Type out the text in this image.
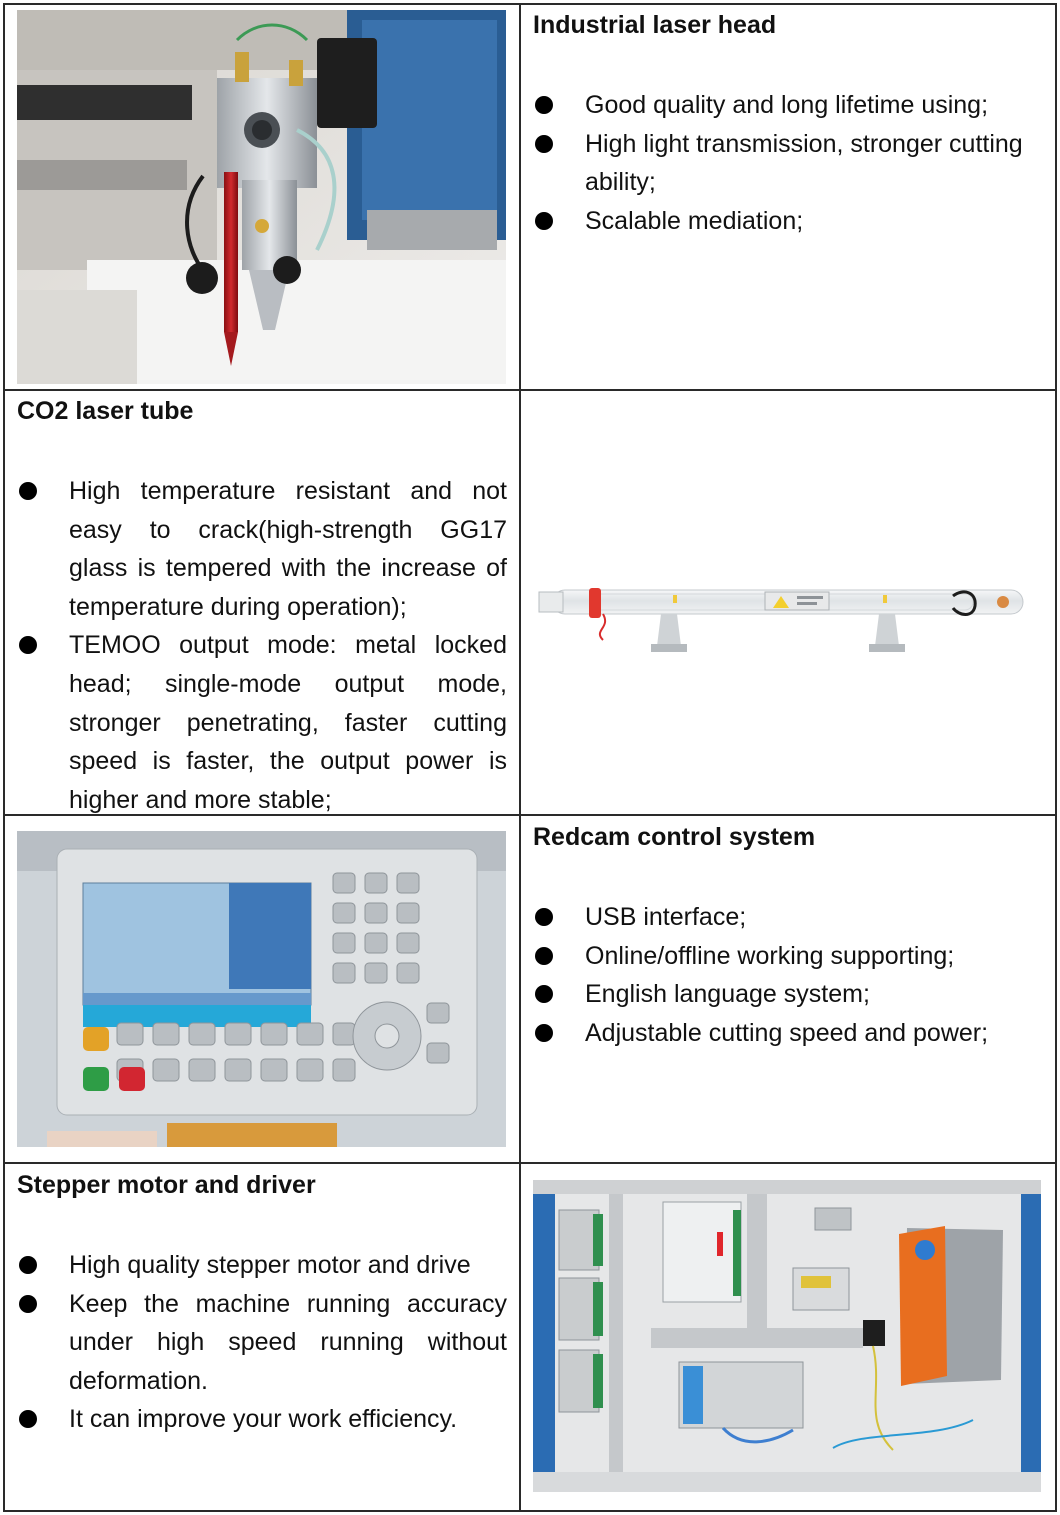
Industrial laser head
Good quality and long lifetime using;
High light transmission, stronger cutting ability;
Scalable mediation;
CO2 laser tube
High temperature resistant and not easy to crack(high-strength GG17 glass is tempered with the increase of temperature during operation);
TEMOO output mode: metal locked head; single-mode output mode, stronger penetrating, faster cutting speed is faster, the output power is higher and more stable;
Redcam control system
USB interface;
Online/offline working supporting;
English language system;
Adjustable cutting speed and power;
Stepper motor and driver
High quality stepper motor and drive
Keep the machine running accuracy under high speed running without deformation.
It can improve your work efficiency.
